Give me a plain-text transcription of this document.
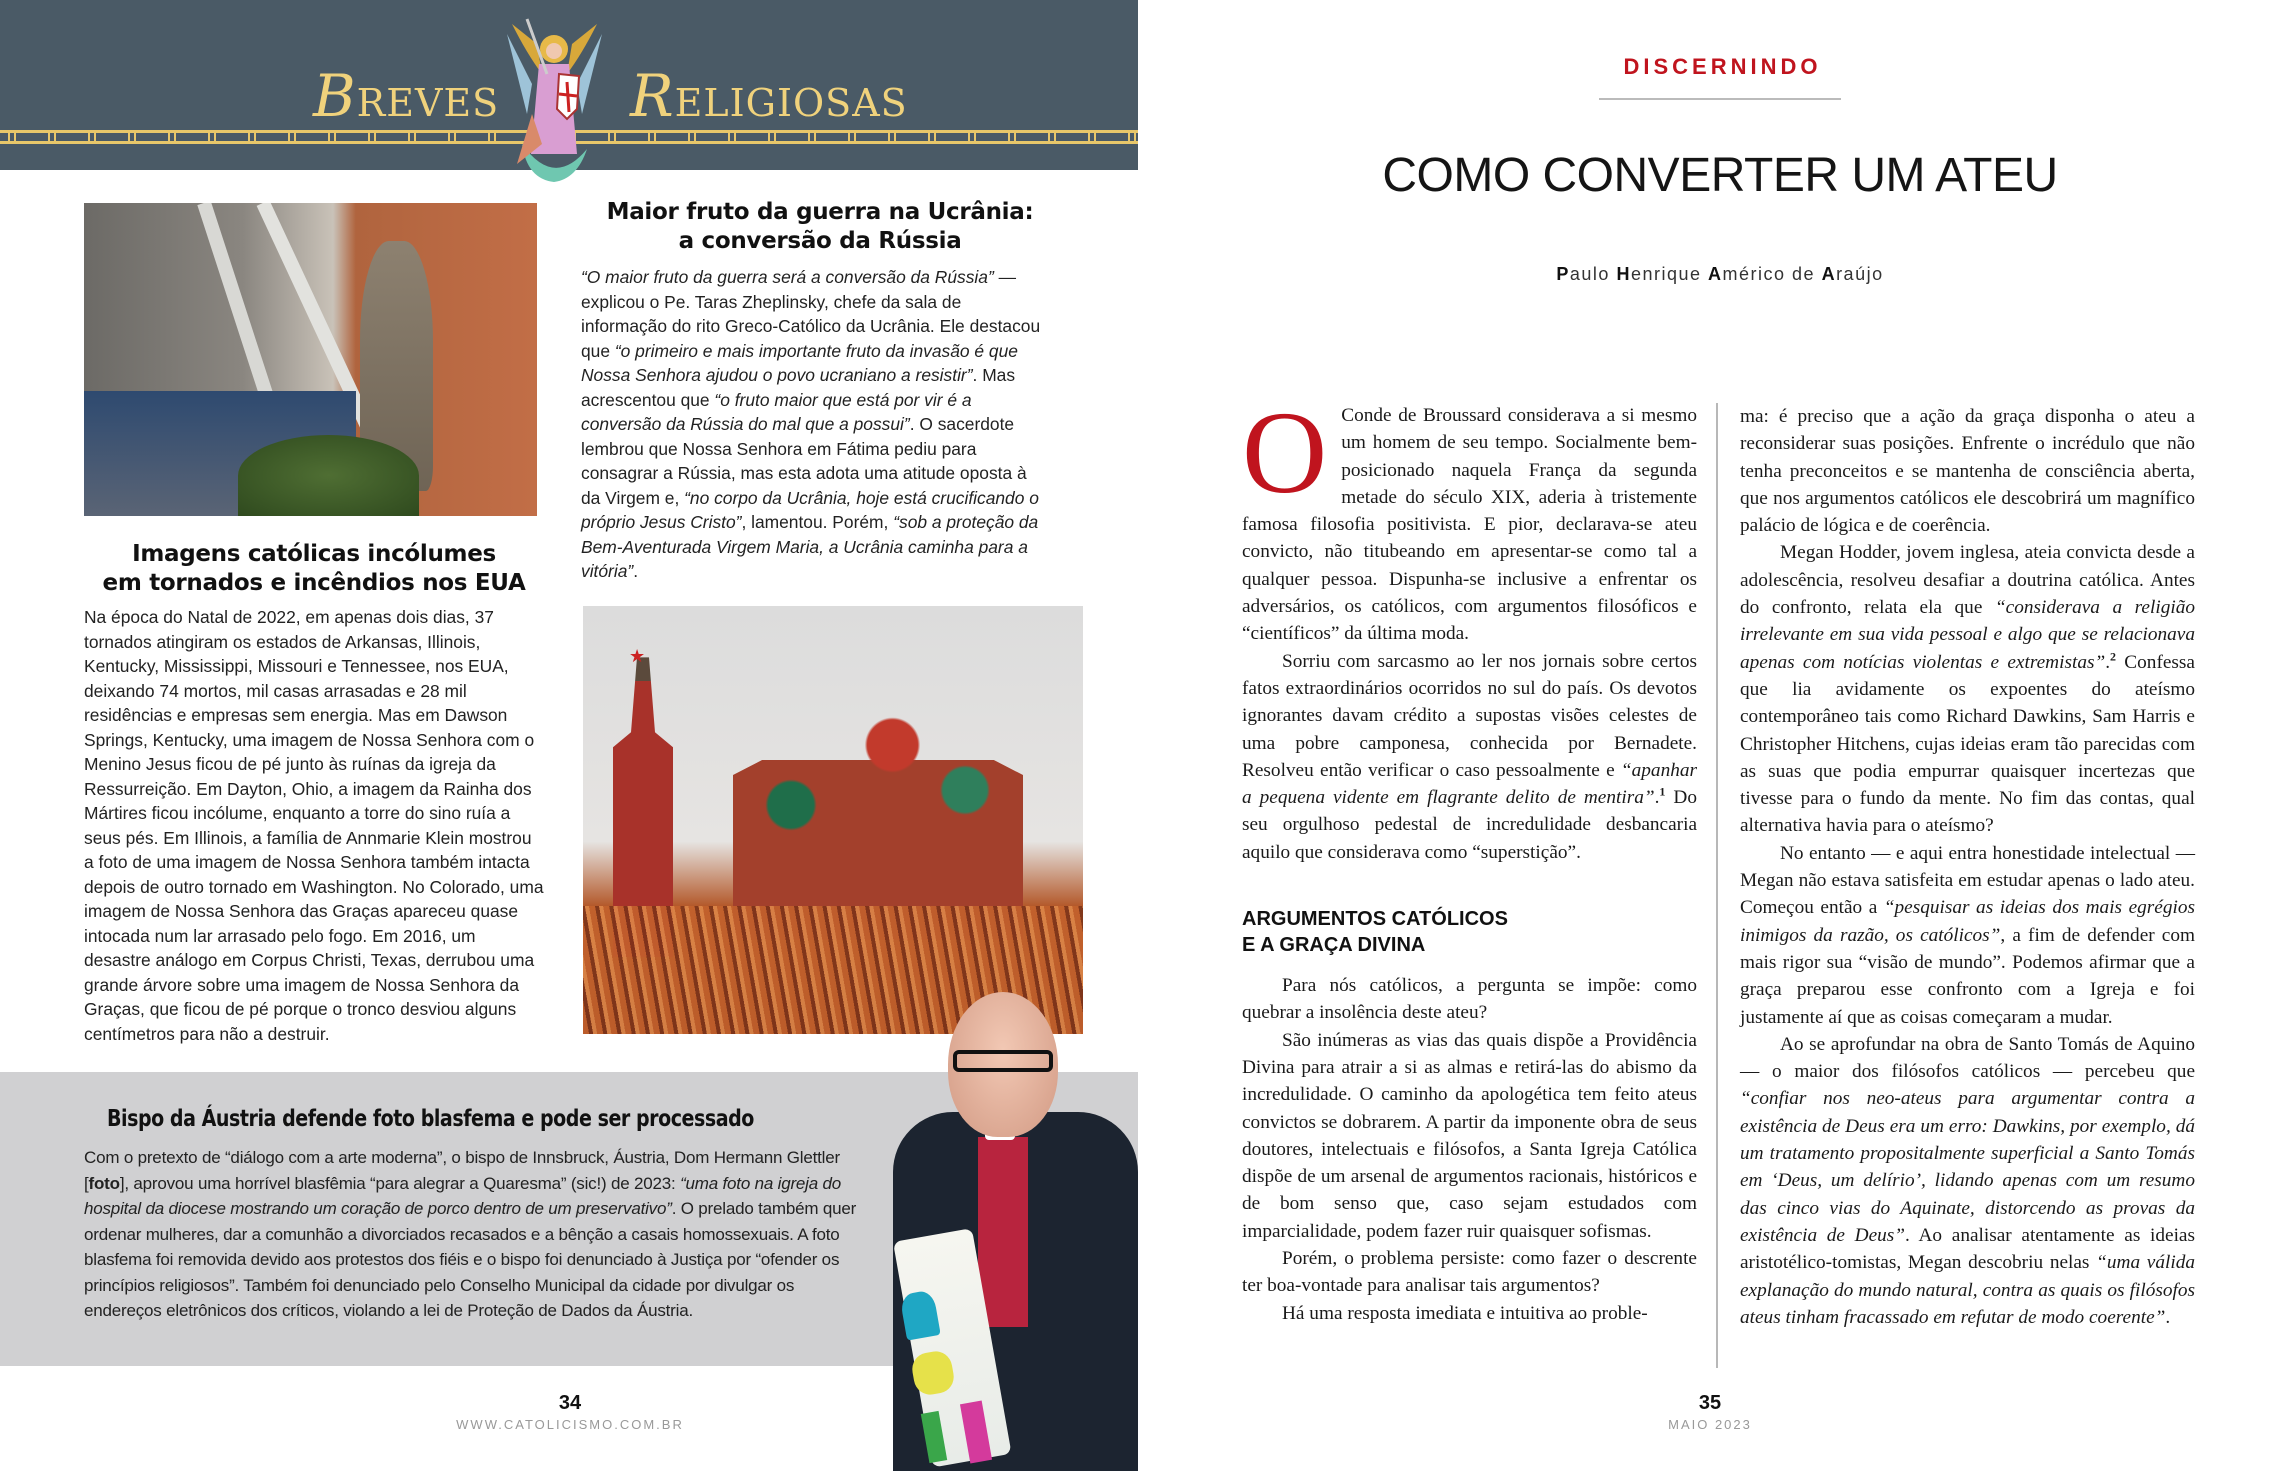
BREVES RELIGIOSAS
Maior fruto da guerra na Ucrânia:
a conversão da Rússia
“O maior fruto da guerra será a conversão da Rússia” — explicou o Pe. Taras Zheplinsky, chefe da sala de informação do rito Greco-Católico da Ucrânia. Ele destacou que “o primeiro e mais importante fruto da invasão é que Nossa Senhora ajudou o povo ucraniano a resistir”. Mas acrescentou que “o fruto maior que está por vir é a conversão da Rússia do mal que a possui”. O sacerdote lembrou que Nossa Senhora em Fátima pediu para consagrar a Rússia, mas esta adota uma atitude oposta à da Virgem e, “no corpo da Ucrânia, hoje está crucificando o próprio Jesus Cristo”, lamentou. Porém, “sob a proteção da Bem-Aventurada Virgem Maria, a Ucrânia caminha para a vitória”.
★
Imagens católicas incólumes
em tornados e incêndios nos EUA
Na época do Natal de 2022, em apenas dois dias, 37 tornados atingiram os estados de Arkansas, Illinois, Kentucky, Mississippi, Missouri e Tennessee, nos EUA, deixando 74 mortos, mil casas arrasadas e 28 mil residências e empresas sem energia. Mas em Dawson Springs, Kentucky, uma imagem de Nossa Senhora com o Menino Jesus ficou de pé junto às ruínas da igreja da Ressurreição. Em Dayton, Ohio, a imagem da Rainha dos Mártires ficou incólume, enquanto a torre do sino ruía a seus pés. Em Illinois, a família de Annmarie Klein mostrou a foto de uma imagem de Nossa Senhora também intacta depois de outro tornado em Washington. No Colorado, uma imagem de Nossa Senhora das Graças apareceu quase intocada num lar arrasado pelo fogo. Em 2016, um desastre análogo em Corpus Christi, Texas, derrubou uma grande árvore sobre uma imagem de Nossa Senhora da Graças, que ficou de pé porque o tronco desviou alguns centímetros para não a destruir.
Bispo da Áustria defende foto blasfema e pode ser processado
Com o pretexto de “diálogo com a arte moderna”, o bispo de Innsbruck, Áustria, Dom Hermann Glettler [foto], aprovou uma horrível blasfêmia “para alegrar a Quaresma” (sic!) de 2023: “uma foto na igreja do hospital da diocese mostrando um coração de porco dentro de um preservativo”. O prelado também quer ordenar mulheres, dar a comunhão a divorciados recasados e a bênção a casais homossexuais. A foto blasfema foi removida devido aos protestos dos fiéis e o bispo foi denunciado à Justiça por “ofender os princípios religiosos”. Também foi denunciado pelo Conselho Municipal da cidade por divulgar os endereços eletrônicos dos críticos, violando a lei de Proteção de Dados da Áustria.
34
WWW.CATOLICISMO.COM.BR
DISCERNINDO
COMO CONVERTER UM ATEU
Paulo Henrique Américo de Araújo
O Conde de Broussard considerava a si mesmo um homem de seu tempo. Socialmente bem-posicionado naquela França da segunda metade do século XIX, aderia à tristemente famosa filosofia positivista. E pior, declarava-se ateu convicto, não titubeando em apresentar-se como tal a qualquer pessoa. Dispunha-se inclusive a enfrentar os adversários, os católicos, com argumentos filosóficos e “científicos” da última moda.

Sorriu com sarcasmo ao ler nos jornais sobre certos fatos extraordinários ocorridos no sul do país. Os devotos ignorantes davam crédito a supostas visões celestes de uma pobre camponesa, conhecida por Bernadete. Resolveu então verificar o caso pessoalmente e “apanhar a pequena vidente em flagrante delito de mentira”.$^1$ Do seu orgulhoso pedestal de incredulidade desbancaria aquilo que considerava como “superstição”.

ARGUMENTOS CATÓLICOS
E A GRAÇA DIVINA

Para nós católicos, a pergunta se impõe: como quebrar a insolência deste ateu?

São inúmeras as vias das quais dispõe a Providência Divina para atrair a si as almas e retirá-las do abismo da incredulidade. O caminho da apologética tem feito ateus convictos se dobrarem. A partir da imponente obra de seus doutores, intelectuais e filósofos, a Santa Igreja Católica dispõe de um arsenal de argumentos racionais, históricos e de bom senso que, caso sejam estudados com imparcialidade, podem fazer ruir quaisquer sofismas.

Porém, o problema persiste: como fazer o descrente ter boa-vontade para analisar tais argumentos?

Há uma resposta imediata e intuitiva ao proble-

ma: é preciso que a ação da graça disponha o ateu a reconsiderar suas posições. Enfrente o incrédulo que não tenha preconceitos e se mantenha de consciência aberta, que nos argumentos católicos ele descobrirá um magnífico palácio de lógica e de coerência.

Megan Hodder, jovem inglesa, ateia convicta desde a adolescência, resolveu desafiar a doutrina católica. Antes do confronto, relata ela que “considerava a religião irrelevante em sua vida pessoal e algo que se relacionava apenas com notícias violentas e extremistas”.$^2$ Confessa que lia avidamente os expoentes do ateísmo contemporâneo tais como Richard Dawkins, Sam Harris e Christopher Hitchens, cujas ideias eram tão parecidas com as suas que podia empurrar quaisquer incertezas que tivesse para o fundo da mente. No fim das contas, qual alternativa havia para o ateísmo?

No entanto — e aqui entra honestidade intelectual — Megan não estava satisfeita em estudar apenas o lado ateu. Começou então a “pesquisar as ideias dos mais egrégios inimigos da razão, os católicos”, a fim de defender com mais rigor sua “visão de mundo”. Podemos afirmar que a graça preparou esse confronto com a Igreja e foi justamente aí que as coisas começaram a mudar.

Ao se aprofundar na obra de Santo Tomás de Aquino — o maior dos filósofos católicos — percebeu que “confiar nos neo-ateus para argumentar contra a existência de Deus era um erro: Dawkins, por exemplo, dá um tratamento propositalmente superficial a Santo Tomás em ‘Deus, um delírio’, lidando apenas com um resumo das cinco vias do Aquinate, distorcendo as provas da existência de Deus”. Ao analisar atentamente as ideias aristotélico-tomistas, Megan descobriu nelas “uma válida explanação do mundo natural, contra as quais os filósofos ateus tinham fracassado em refutar de modo coerente”.

35
MAIO 2023
